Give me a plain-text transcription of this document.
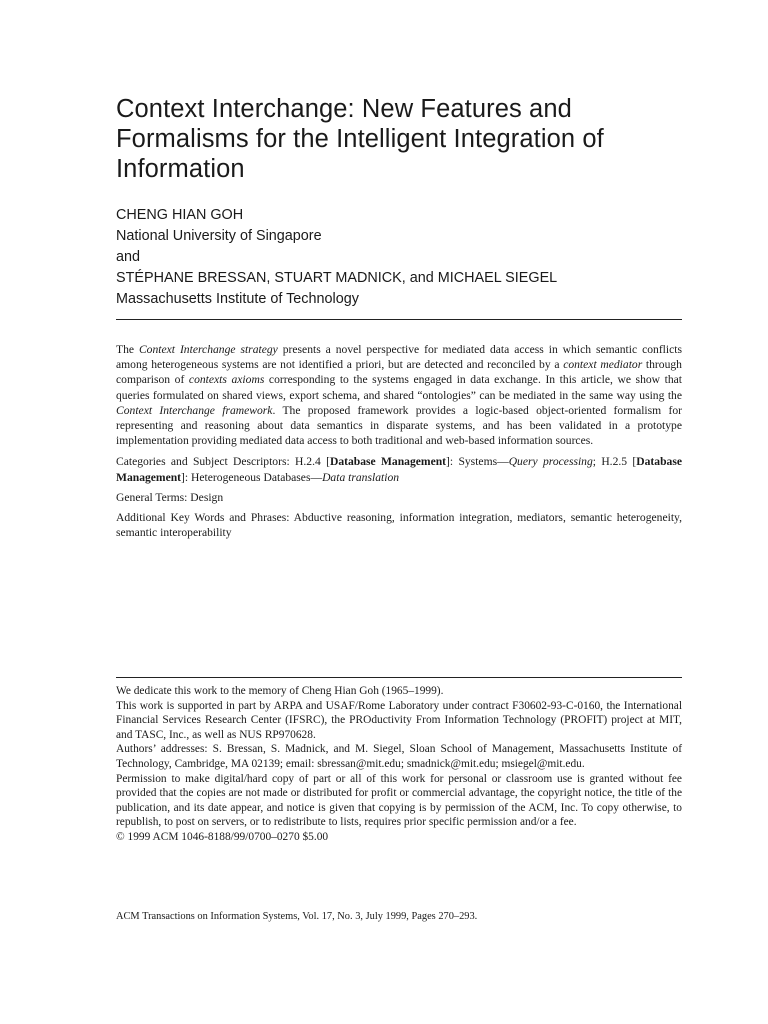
Context Interchange: New Features and Formalisms for the Intelligent Integration of Information
CHENG HIAN GOH
National University of Singapore
and
STÉPHANE BRESSAN, STUART MADNICK, and MICHAEL SIEGEL
Massachusetts Institute of Technology

The Context Interchange strategy presents a novel perspective for mediated data access in which semantic conflicts among heterogeneous systems are not identified a priori, but are detected and reconciled by a context mediator through comparison of contexts axioms corresponding to the systems engaged in data exchange. In this article, we show that queries formulated on shared views, export schema, and shared “ontologies” can be mediated in the same way using the Context Interchange framework. The proposed framework provides a logic-based object-oriented formalism for representing and reasoning about data semantics in disparate systems, and has been validated in a prototype implementation providing mediated data access to both traditional and web-based information sources.

Categories and Subject Descriptors: H.2.4 [Database Management]: Systems—Query processing; H.2.5 [Database Management]: Heterogeneous Databases—Data translation

General Terms: Design

Additional Key Words and Phrases: Abductive reasoning, information integration, mediators, semantic heterogeneity, semantic interoperability

We dedicate this work to the memory of Cheng Hian Goh (1965–1999).

This work is supported in part by ARPA and USAF/Rome Laboratory under contract F30602-93-C-0160, the International Financial Services Research Center (IFSRC), the PROductivity From Information Technology (PROFIT) project at MIT, and TASC, Inc., as well as NUS RP970628.

Authors’ addresses: S. Bressan, S. Madnick, and M. Siegel, Sloan School of Management, Massachusetts Institute of Technology, Cambridge, MA 02139; email: sbressan@mit.edu; smadnick@mit.edu; msiegel@mit.edu.

Permission to make digital/hard copy of part or all of this work for personal or classroom use is granted without fee provided that the copies are not made or distributed for profit or commercial advantage, the copyright notice, the title of the publication, and its date appear, and notice is given that copying is by permission of the ACM, Inc. To copy otherwise, to republish, to post on servers, or to redistribute to lists, requires prior specific permission and/or a fee.

© 1999 ACM 1046-8188/99/0700–0270 $5.00

ACM Transactions on Information Systems, Vol. 17, No. 3, July 1999, Pages 270–293.
